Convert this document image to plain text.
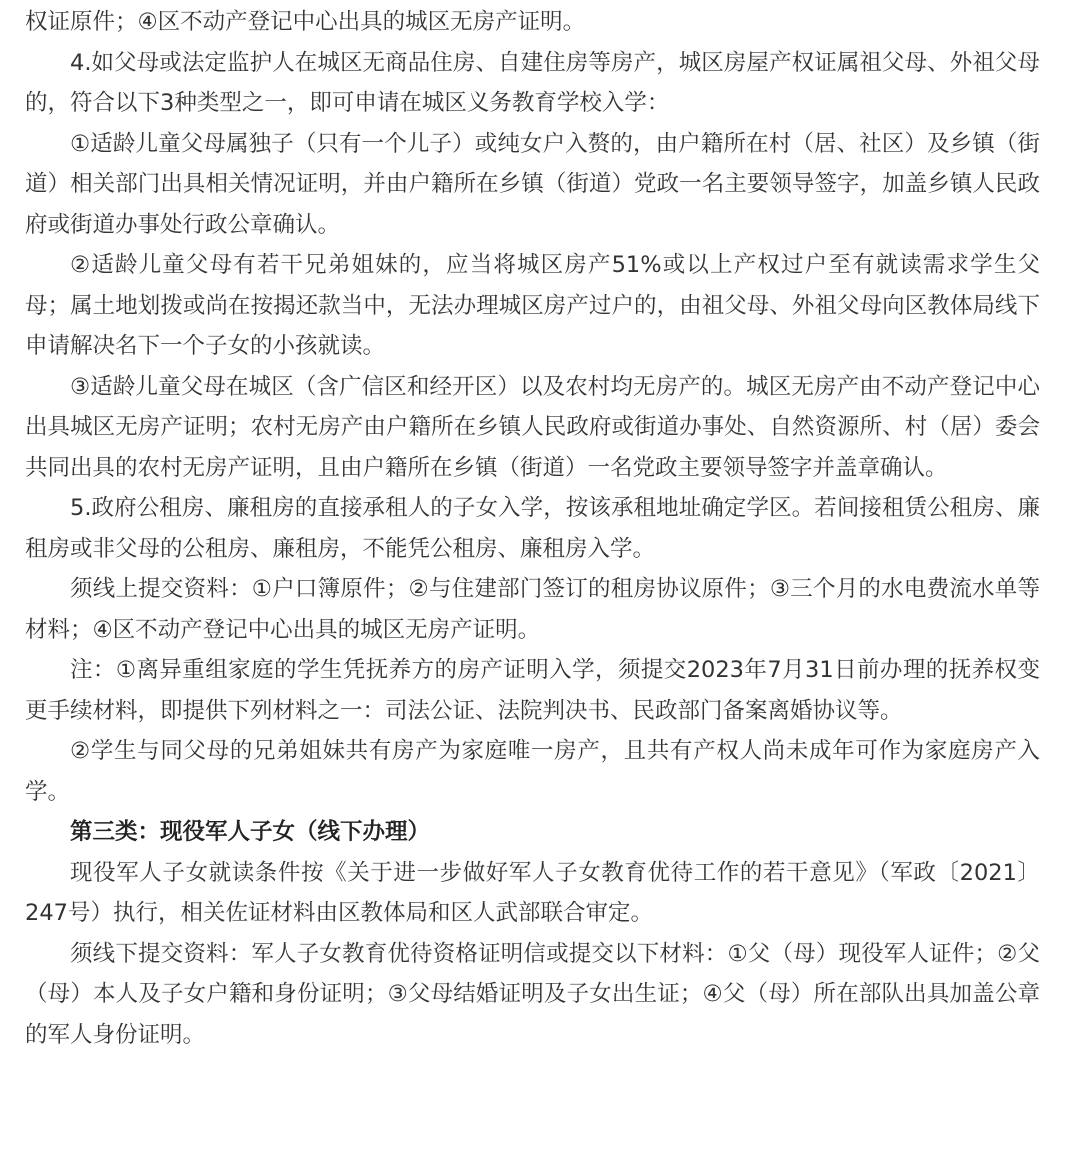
权证原件；④区不动产登记中心出具的城区无房产证明。

4.如父母或法定监护人在城区无商品住房、自建住房等房产，城区房屋产权证属祖父母、外祖父母的，符合以下3种类型之一，即可申请在城区义务教育学校入学：

①适龄儿童父母属独子（只有一个儿子）或纯女户入赘的，由户籍所在村（居、社区）及乡镇（街道）相关部门出具相关情况证明，并由户籍所在乡镇（街道）党政一名主要领导签字，加盖乡镇人民政府或街道办事处行政公章确认。

②适龄儿童父母有若干兄弟姐妹的，应当将城区房产51%或以上产权过户至有就读需求学生父母；属土地划拨或尚在按揭还款当中，无法办理城区房产过户的，由祖父母、外祖父母向区教体局线下申请解决名下一个子女的小孩就读。

③适龄儿童父母在城区（含广信区和经开区）以及农村均无房产的。城区无房产由不动产登记中心出具城区无房产证明；农村无房产由户籍所在乡镇人民政府或街道办事处、自然资源所、村（居）委会共同出具的农村无房产证明，且由户籍所在乡镇（街道）一名党政主要领导签字并盖章确认。

5.政府公租房、廉租房的直接承租人的子女入学，按该承租地址确定学区。若间接租赁公租房、廉租房或非父母的公租房、廉租房，不能凭公租房、廉租房入学。

须线上提交资料：①户口簿原件；②与住建部门签订的租房协议原件；③三个月的水电费流水单等材料；④区不动产登记中心出具的城区无房产证明。

注：①离异重组家庭的学生凭抚养方的房产证明入学，须提交2023年7月31日前办理的抚养权变更手续材料，即提供下列材料之一：司法公证、法院判决书、民政部门备案离婚协议等。

②学生与同父母的兄弟姐妹共有房产为家庭唯一房产，且共有产权人尚未成年可作为家庭房产入学。

第三类：现役军人子女（线下办理）

现役军人子女就读条件按《关于进一步做好军人子女教育优待工作的若干意见》（军政〔2021〕247号）执行，相关佐证材料由区教体局和区人武部联合审定。

须线下提交资料：军人子女教育优待资格证明信或提交以下材料：①父（母）现役军人证件；②父（母）本人及子女户籍和身份证明；③父母结婚证明及子女出生证；④父（母）所在部队出具加盖公章的军人身份证明。
